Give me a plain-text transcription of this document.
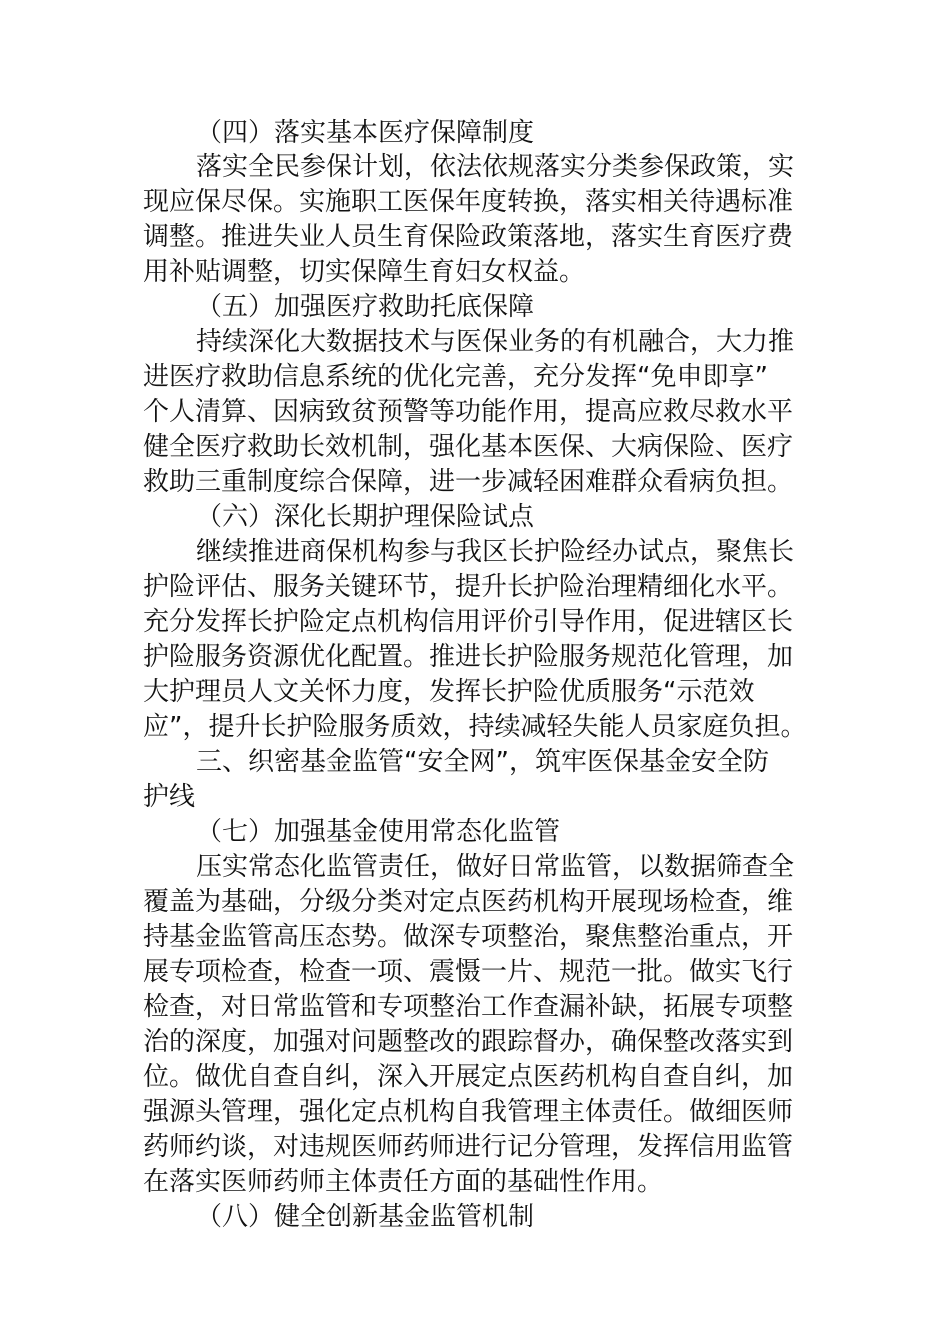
（四）落实基本医疗保障制度

落实全民参保计划，依法依规落实分类参保政策，实

现应保尽保。实施职工医保年度转换，落实相关待遇标准

调整。推进失业人员生育保险政策落地，落实生育医疗费

用补贴调整，切实保障生育妇女权益。

（五）加强医疗救助托底保障

持续深化大数据技术与医保业务的有机融合，大力推

进医疗救助信息系统的优化完善，充分发挥“免申即享”

个人清算、因病致贫预警等功能作用，提高应救尽救水平

健全医疗救助长效机制，强化基本医保、大病保险、医疗

救助三重制度综合保障，进一步减轻困难群众看病负担。

（六）深化长期护理保险试点

继续推进商保机构参与我区长护险经办试点，聚焦长

护险评估、服务关键环节，提升长护险治理精细化水平。

充分发挥长护险定点机构信用评价引导作用，促进辖区长

护险服务资源优化配置。推进长护险服务规范化管理，加

大护理员人文关怀力度，发挥长护险优质服务“示范效

应”，提升长护险服务质效，持续减轻失能人员家庭负担。

三、织密基金监管“安全网”，筑牢医保基金安全防

护线

（七）加强基金使用常态化监管

压实常态化监管责任，做好日常监管，以数据筛查全

覆盖为基础，分级分类对定点医药机构开展现场检查，维

持基金监管高压态势。做深专项整治，聚焦整治重点，开

展专项检查，检查一项、震慑一片、规范一批。做实飞行

检查，对日常监管和专项整治工作查漏补缺，拓展专项整

治的深度，加强对问题整改的跟踪督办，确保整改落实到

位。做优自查自纠，深入开展定点医药机构自查自纠，加

强源头管理，强化定点机构自我管理主体责任。做细医师

药师约谈，对违规医师药师进行记分管理，发挥信用监管

在落实医师药师主体责任方面的基础性作用。

（八）健全创新基金监管机制
